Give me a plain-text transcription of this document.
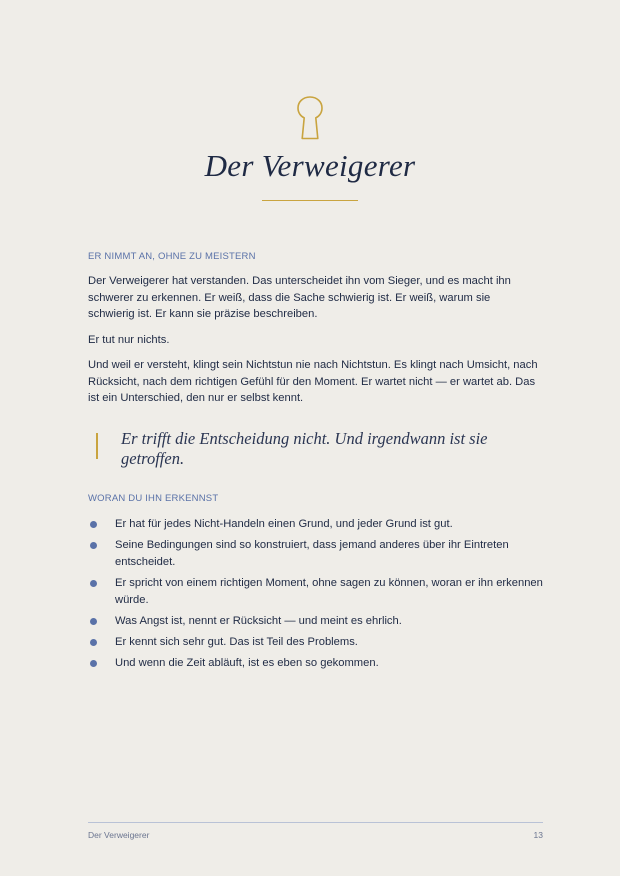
Der Verweigerer
ER NIMMT AN, OHNE ZU MEISTERN
Der Verweigerer hat verstanden. Das unterscheidet ihn vom Sieger, und es macht ihn schwerer zu erkennen. Er weiß, dass die Sache schwierig ist. Er weiß, warum sie schwierig ist. Er kann sie präzise beschreiben.
Er tut nur nichts.
Und weil er versteht, klingt sein Nichtstun nie nach Nichtstun. Es klingt nach Umsicht, nach Rücksicht, nach dem richtigen Gefühl für den Moment. Er wartet nicht — er wartet ab. Das ist ein Unterschied, den nur er selbst kennt.
Er trifft die Entscheidung nicht. Und irgendwann ist sie getroffen.
WORAN DU IHN ERKENNST
Er hat für jedes Nicht-Handeln einen Grund, und jeder Grund ist gut.
Seine Bedingungen sind so konstruiert, dass jemand anderes über ihr Eintreten entscheidet.
Er spricht von einem richtigen Moment, ohne sagen zu können, woran er ihn erkennen würde.
Was Angst ist, nennt er Rücksicht — und meint es ehrlich.
Er kennt sich sehr gut. Das ist Teil des Problems.
Und wenn die Zeit abläuft, ist es eben so gekommen.
Der Verweigerer	13
